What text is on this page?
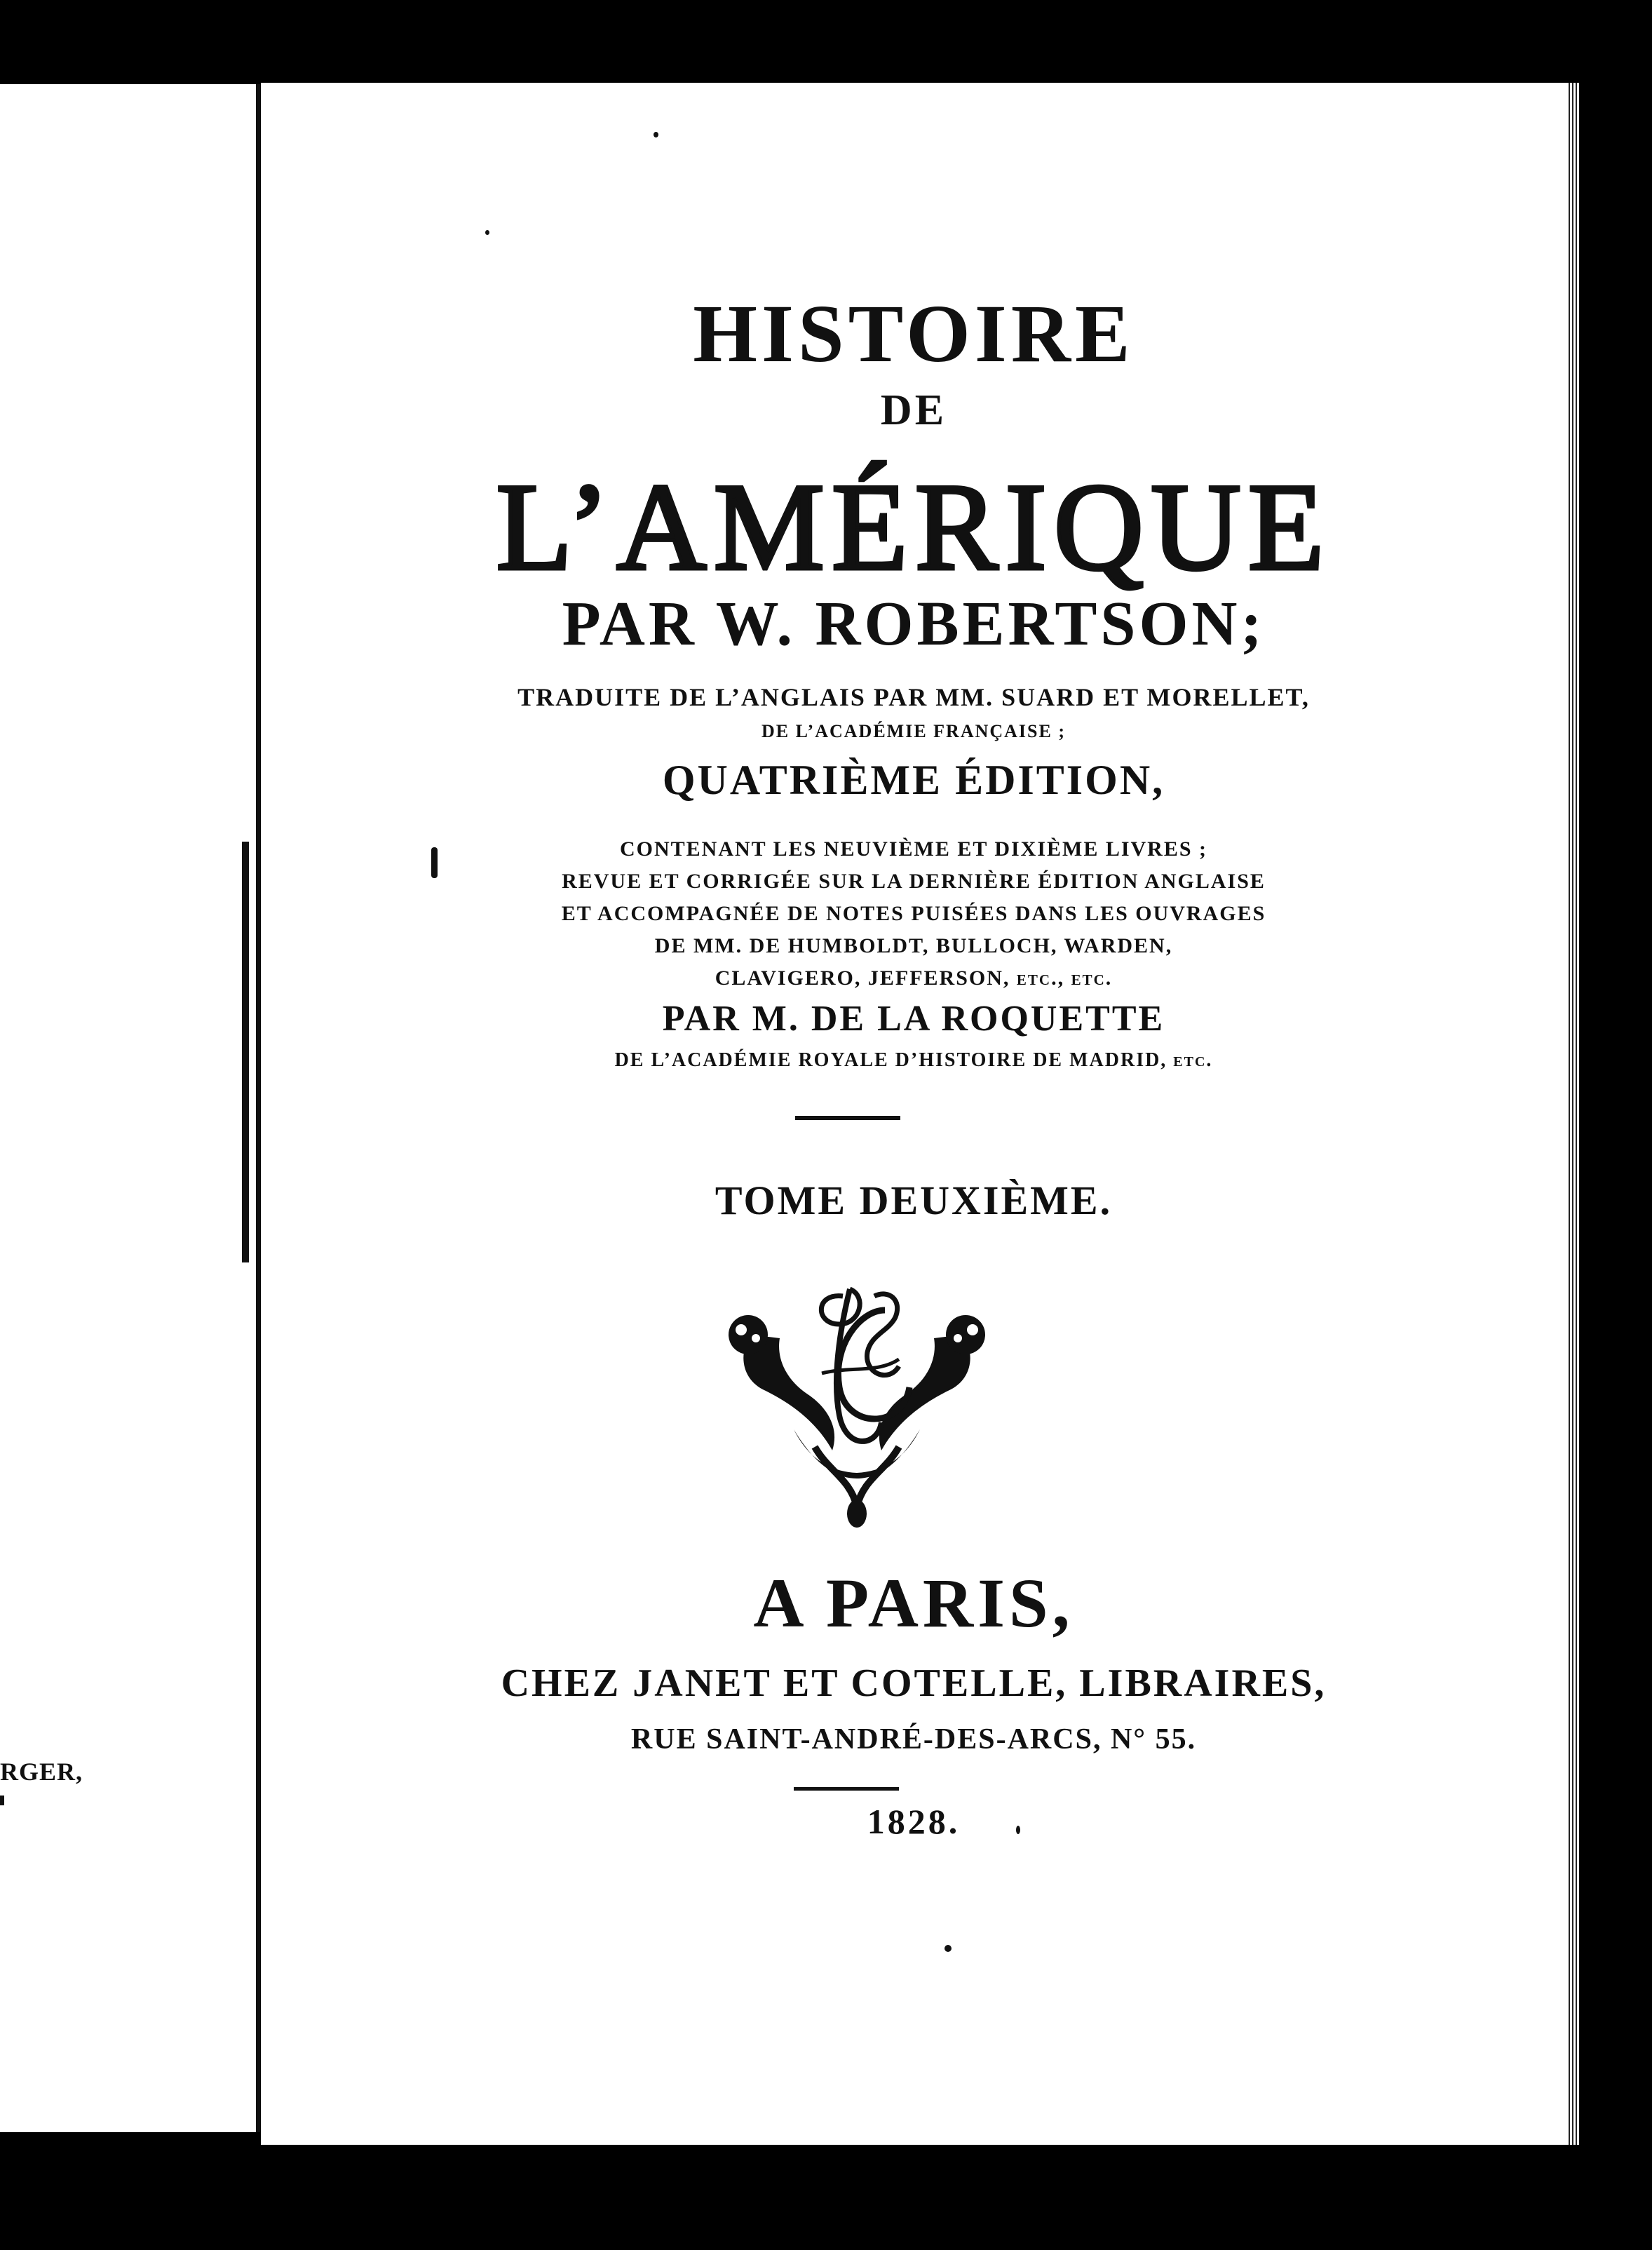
RGER,
HISTOIRE
DE
L’AMÉRIQUE
PAR W. ROBERTSON;
TRADUITE DE L’ANGLAIS PAR MM. SUARD ET MORELLET,
DE L’ACADÉMIE FRANÇAISE ;
QUATRIÈME ÉDITION,
CONTENANT LES NEUVIÈME ET DIXIÈME LIVRES ;
REVUE ET CORRIGÉE SUR LA DERNIÈRE ÉDITION ANGLAISE
ET ACCOMPAGNÉE DE NOTES PUISÉES DANS LES OUVRAGES
DE MM. DE HUMBOLDT, BULLOCH, WARDEN,
CLAVIGERO, JEFFERSON, etc., etc.
PAR M. DE LA ROQUETTE
DE L’ACADÉMIE ROYALE D’HISTOIRE DE MADRID, etc.
TOME DEUXIÈME.
A PARIS,
CHEZ JANET ET COTELLE, LIBRAIRES,
RUE SAINT-ANDRÉ-DES-ARCS, N° 55.
1828.
